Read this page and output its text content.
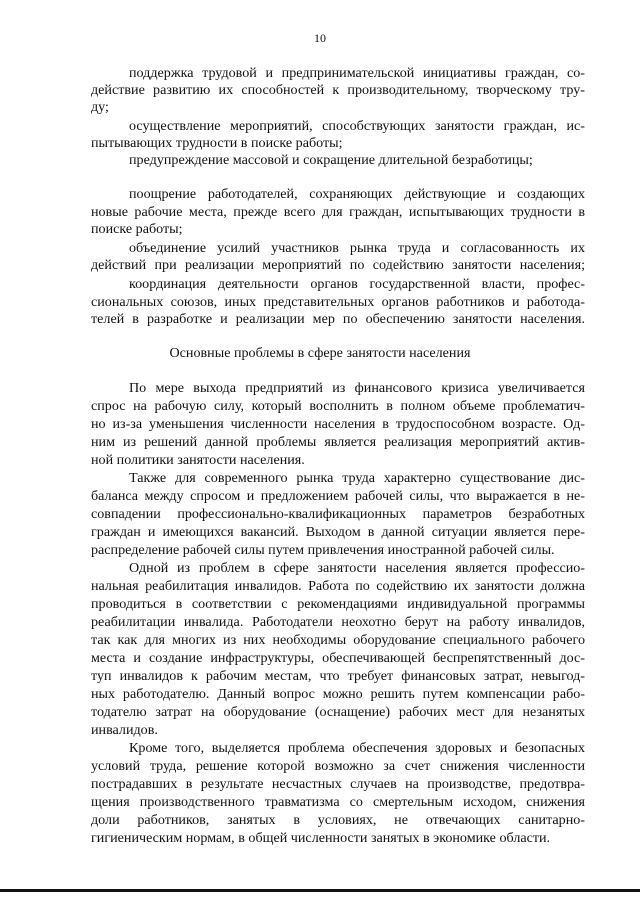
10
поддержка трудовой и предпринимательской инициативы граждан, со-
действие развитию их способностей к производительному, творческому тру-
ду;
осуществление мероприятий, способствующих занятости граждан, ис-
пытывающих трудности в поиске работы;
предупреждение массовой и сокращение длительной безработицы;
поощрение работодателей, сохраняющих действующие и создающих
новые рабочие места, прежде всего для граждан, испытывающих трудности в
поиске работы;
объединение усилий участников рынка труда и согласованность их
действий при реализации мероприятий по содействию занятости населения;
координация деятельности органов государственной власти, профес-
сиональных союзов, иных представительных органов работников и работода-
телей в разработке и реализации мер по обеспечению занятости населения.
Основные проблемы в сфере занятости населения
По мере выхода предприятий из финансового кризиса увеличивается
спрос на рабочую силу, который восполнить в полном объеме проблематич-
но из-за уменьшения численности населения в трудоспособном возрасте. Од-
ним из решений данной проблемы является реализация мероприятий актив-
ной политики занятости населения.
Также для современного рынка труда характерно существование дис-
баланса между спросом и предложением рабочей силы, что выражается в не-
совпадении профессионально-квалификационных параметров безработных
граждан и имеющихся вакансий. Выходом в данной ситуации является пере-
распределение рабочей силы путем привлечения иностранной рабочей силы.
Одной из проблем в сфере занятости населения является профессио-
нальная реабилитация инвалидов. Работа по содействию их занятости должна
проводиться в соответствии с рекомендациями индивидуальной программы
реабилитации инвалида. Работодатели неохотно берут на работу инвалидов,
так как для многих из них необходимы оборудование специального рабочего
места и создание инфраструктуры, обеспечивающей беспрепятственный дос-
туп инвалидов к рабочим местам, что требует финансовых затрат, невыгод-
ных работодателю. Данный вопрос можно решить путем компенсации рабо-
тодателю затрат на оборудование (оснащение) рабочих мест для незанятых
инвалидов.
Кроме того, выделяется проблема обеспечения здоровых и безопасных
условий труда, решение которой возможно за счет снижения численности
пострадавших в результате несчастных случаев на производстве, предотвра-
щения производственного травматизма со смертельным исходом, снижения
доли работников, занятых в условиях, не отвечающих санитарно-
гигиеническим нормам, в общей численности занятых в экономике области.
